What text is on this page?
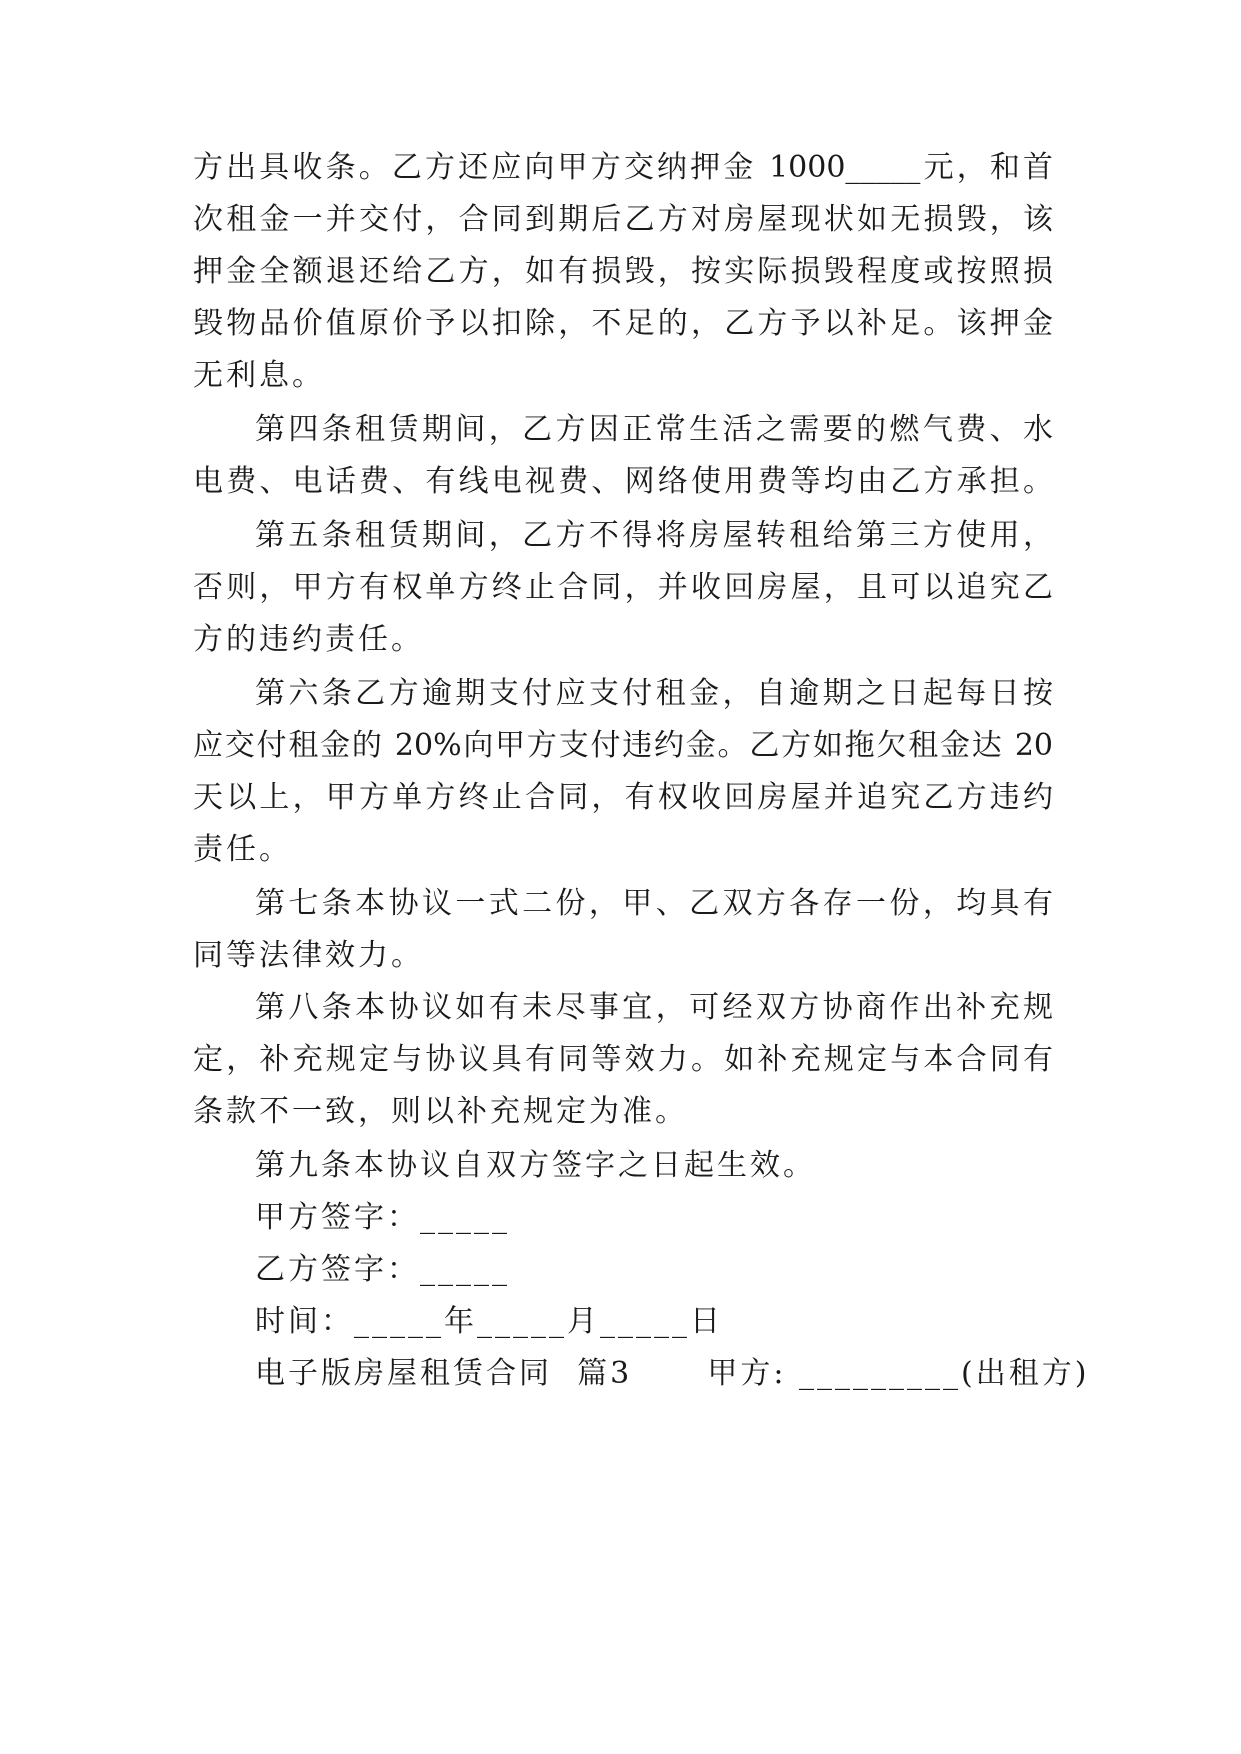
方出具收条。乙方还应向甲方交纳押金 1000_____元，和首
次租金一并交付，合同到期后乙方对房屋现状如无损毁，该
押金全额退还给乙方，如有损毁，按实际损毁程度或按照损
毁物品价值原价予以扣除，不足的，乙方予以补足。该押金
无利息。
第四条租赁期间，乙方因正常生活之需要的燃气费、水
电费、电话费、有线电视费、网络使用费等均由乙方承担。
第五条租赁期间，乙方不得将房屋转租给第三方使用，
否则，甲方有权单方终止合同，并收回房屋，且可以追究乙
方的违约责任。
第六条乙方逾期支付应支付租金，自逾期之日起每日按
应交付租金的 20%向甲方支付违约金。乙方如拖欠租金达 20
天以上，甲方单方终止合同，有权收回房屋并追究乙方违约
责任。
第七条本协议一式二份，甲、乙双方各存一份，均具有
同等法律效力。
第八条本协议如有未尽事宜，可经双方协商作出补充规
定，补充规定与协议具有同等效力。如补充规定与本合同有
条款不一致，则以补充规定为准。
第九条本协议自双方签字之日起生效。
甲方签字：_____
乙方签字：_____
时间：_____年_____月_____日
电子版房屋租赁合同  篇3      甲方: _________(出租方)
